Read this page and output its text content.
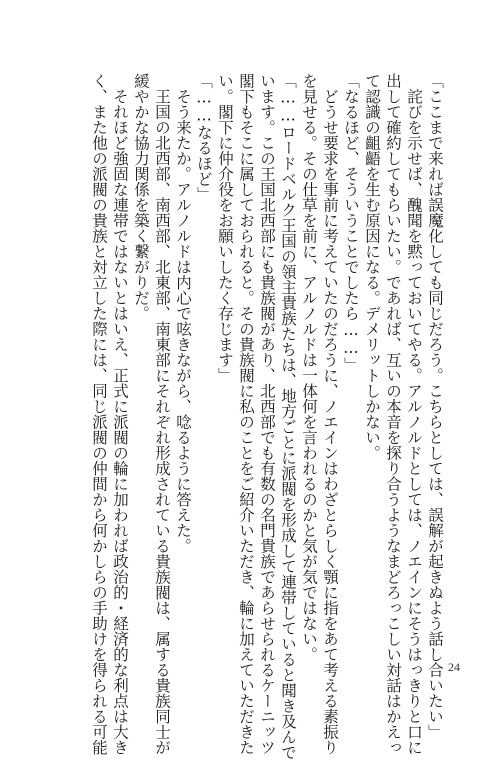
「ここまで来れば誤魔化しても同じだろう。こちらとしては、誤解が起きぬよう話し合いたい」
　詫びを示せば、醜聞を黙っておいてやる。アルノルドとしては、ノエインにそうはっきりと口に
出して確約してもらいたい。であれば、互いの本音を探り合うようなまどろっこしい対話はかえっ
て認識の齟齬を生む原因になる。デメリットしかない。
「なるほど、そういうことでしたら……」
　どうせ要求を事前に考えていたのだろうに、ノエインはわざとらしく顎に指をあて考える素振り
を見せる。その仕草を前に、アルノルドは一体何を言われるのかと気が気ではない。
「……ロードベルク王国の領主貴族たちは、地方ごとに派閥を形成して連帯していると聞き及んで
います。この王国北西部にも貴族閥があり、北西部でも有数の名門貴族であらせられるケーニッツ
閣下もそこに属しておられると。その貴族閥に私のことをご紹介いただき、輪に加えていただきた
い。閣下に仲介役をお願いしたく存じます」
「……なるほど」
　そう来たか。アルノルドは内心で呟きながら、唸るように答えた。
　王国の北西部、南西部、北東部、南東部にそれぞれ形成されている貴族閥は、属する貴族同士が
緩やかな協力関係を築く繋がりだ。
　それほど強固な連帯ではないとはいえ、正式に派閥の輪に加われば政治的・経済的な利点は大き
く、また他の派閥の貴族と対立した際には、同じ派閥の仲間から何かしらの手助けを得られる可能	24
